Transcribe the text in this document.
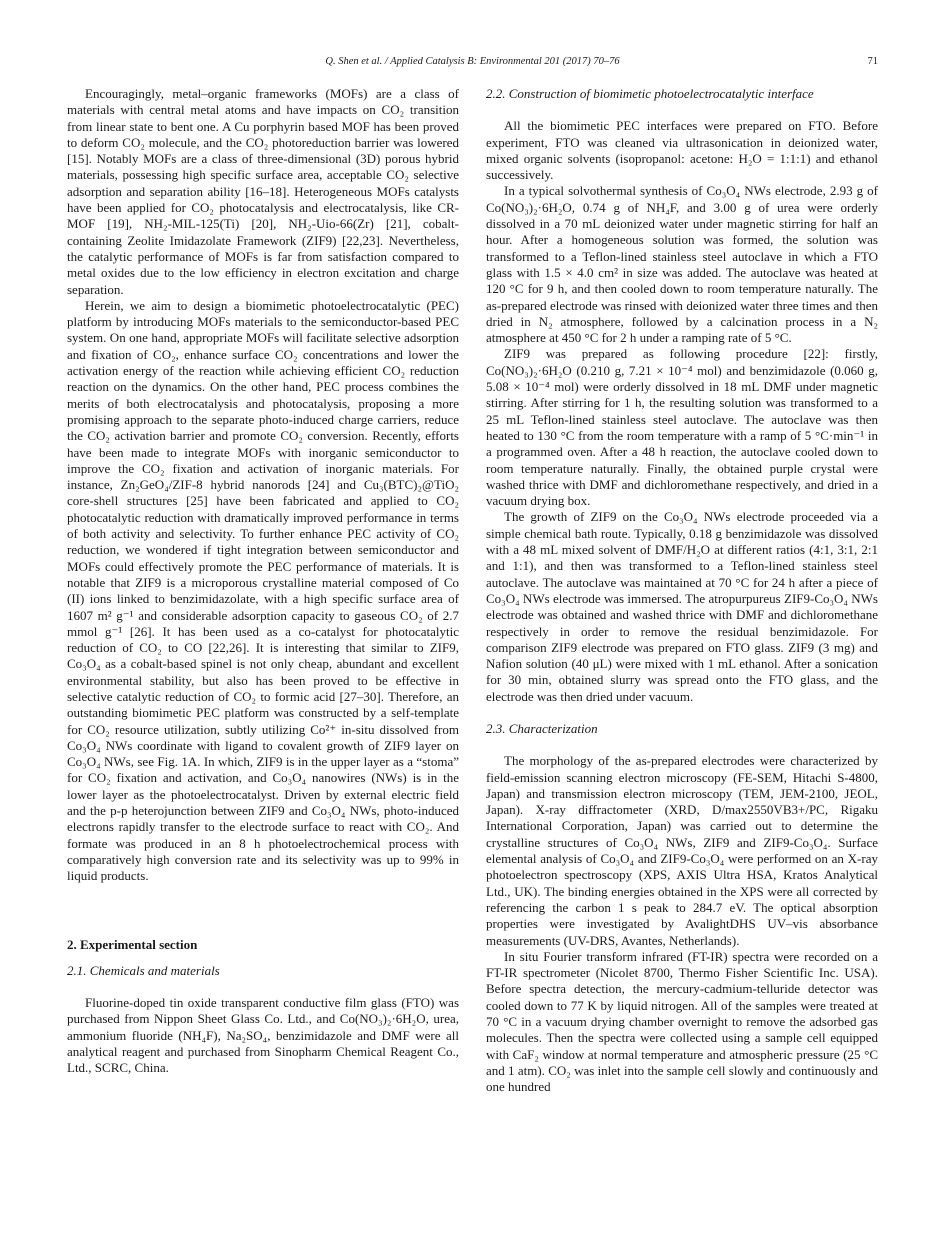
Q. Shen et al. / Applied Catalysis B: Environmental 201 (2017) 70–76	71

Encouragingly, metal–organic frameworks (MOFs) are a class of materials with central metal atoms and have impacts on CO₂ transition from linear state to bent one. A Cu porphyrin based MOF has been proved to deform CO₂ molecule, and the CO₂ photoreduction barrier was lowered [15]. Notably MOFs are a class of three-dimensional (3D) porous hybrid materials, possessing high specific surface area, acceptable CO₂ selective adsorption and separation ability [16–18]. Heterogeneous MOFs catalysts have been applied for CO₂ photocatalysis and electrocatalysis, like CR-MOF [19], NH₂-MIL-125(Ti) [20], NH₂-Uio-66(Zr) [21], cobalt-containing Zeolite Imidazolate Framework (ZIF9) [22,23]. Nevertheless, the catalytic performance of MOFs is far from satisfaction compared to metal oxides due to the low efficiency in electron excitation and charge separation.

Herein, we aim to design a biomimetic photoelectrocatalytic (PEC) platform by introducing MOFs materials to the semiconductor-based PEC system. On one hand, appropriate MOFs will facilitate selective adsorption and fixation of CO₂, enhance surface CO₂ concentrations and lower the activation energy of the reaction while achieving efficient CO₂ reduction reaction on the dynamics. On the other hand, PEC process combines the merits of both electrocatalysis and photocatalysis, proposing a more promising approach to the separate photo-induced charge carriers, reduce the CO₂ activation barrier and promote CO₂ conversion. Recently, efforts have been made to integrate MOFs with inorganic semiconductor to improve the CO₂ fixation and activation of inorganic materials. For instance, Zn₂GeO₄/ZIF-8 hybrid nanorods [24] and Cu₃(BTC)₂@TiO₂ core-shell structures [25] have been fabricated and applied to CO₂ photocatalytic reduction with dramatically improved performance in terms of both activity and selectivity. To further enhance PEC activity of CO₂ reduction, we wondered if tight integration between semiconductor and MOFs could effectively promote the PEC performance of materials. It is notable that ZIF9 is a microporous crystalline material composed of Co (II) ions linked to benzimidazolate, with a high specific surface area of 1607 m² g⁻¹ and considerable adsorption capacity to gaseous CO₂ of 2.7 mmol g⁻¹ [26]. It has been used as a co-catalyst for photocatalytic reduction of CO₂ to CO [22,26]. It is interesting that similar to ZIF9, Co₃O₄ as a cobalt-based spinel is not only cheap, abundant and excellent environmental stability, but also has been proved to be effective in selective catalytic reduction of CO₂ to formic acid [27–30]. Therefore, an outstanding biomimetic PEC platform was constructed by a self-template for CO₂ resource utilization, subtly utilizing Co²⁺ in-situ dissolved from Co₃O₄ NWs coordinate with ligand to covalent growth of ZIF9 layer on Co₃O₄ NWs, see Fig. 1A. In which, ZIF9 is in the upper layer as a “stoma” for CO₂ fixation and activation, and Co₃O₄ nanowires (NWs) is in the lower layer as the photoelectrocatalyst. Driven by external electric field and the p-p heterojunction between ZIF9 and Co₃O₄ NWs, photo-induced electrons rapidly transfer to the electrode surface to react with CO₂. And formate was produced in an 8 h photoelectrochemical process with comparatively high conversion rate and its selectivity was up to 99% in liquid products.

2. Experimental section
2.1. Chemicals and materials

Fluorine-doped tin oxide transparent conductive film glass (FTO) was purchased from Nippon Sheet Glass Co. Ltd., and Co(NO₃)₂·6H₂O, urea, ammonium fluoride (NH₄F), Na₂SO₄, benzimidazole and DMF were all analytical reagent and purchased from Sinopharm Chemical Reagent Co., Ltd., SCRC, China.

2.2. Construction of biomimetic photoelectrocatalytic interface

All the biomimetic PEC interfaces were prepared on FTO. Before experiment, FTO was cleaned via ultrasonication in deionized water, mixed organic solvents (isopropanol: acetone: H₂O = 1:1:1) and ethanol successively.

In a typical solvothermal synthesis of Co₃O₄ NWs electrode, 2.93 g of Co(NO₃)₂·6H₂O, 0.74 g of NH₄F, and 3.00 g of urea were orderly dissolved in a 70 mL deionized water under magnetic stirring for half an hour. After a homogeneous solution was formed, the solution was transformed to a Teflon-lined stainless steel autoclave in which a FTO glass with 1.5 × 4.0 cm² in size was added. The autoclave was heated at 120 °C for 9 h, and then cooled down to room temperature naturally. The as-prepared electrode was rinsed with deionized water three times and then dried in N₂ atmosphere, followed by a calcination process in a N₂ atmosphere at 450 °C for 2 h under a ramping rate of 5 °C.

ZIF9 was prepared as following procedure [22]: firstly, Co(NO₃)₂·6H₂O (0.210 g, 7.21 × 10⁻⁴ mol) and benzimidazole (0.060 g, 5.08 × 10⁻⁴ mol) were orderly dissolved in 18 mL DMF under magnetic stirring. After stirring for 1 h, the resulting solution was transformed to a 25 mL Teflon-lined stainless steel autoclave. The autoclave was then heated to 130 °C from the room temperature with a ramp of 5 °C·min⁻¹ in a programmed oven. After a 48 h reaction, the autoclave cooled down to room temperature naturally. Finally, the obtained purple crystal were washed thrice with DMF and dichloromethane respectively, and dried in a vacuum drying box.

The growth of ZIF9 on the Co₃O₄ NWs electrode proceeded via a simple chemical bath route. Typically, 0.18 g benzimidazole was dissolved with a 48 mL mixed solvent of DMF/H₂O at different ratios (4:1, 3:1, 2:1 and 1:1), and then was transformed to a Teflon-lined stainless steel autoclave. The autoclave was maintained at 70 °C for 24 h after a piece of Co₃O₄ NWs electrode was immersed. The atropurpureus ZIF9-Co₃O₄ NWs electrode was obtained and washed thrice with DMF and dichloromethane respectively in order to remove the residual benzimidazole. For comparison ZIF9 electrode was prepared on FTO glass. ZIF9 (3 mg) and Nafion solution (40 μL) were mixed with 1 mL ethanol. After a sonication for 30 min, obtained slurry was spread onto the FTO glass, and the electrode was then dried under vacuum.

2.3. Characterization

The morphology of the as-prepared electrodes were characterized by field-emission scanning electron microscopy (FE-SEM, Hitachi S-4800, Japan) and transmission electron microscopy (TEM, JEM-2100, JEOL, Japan). X-ray diffractometer (XRD, D/max2550VB3+/PC, Rigaku International Corporation, Japan) was carried out to determine the crystalline structures of Co₃O₄ NWs, ZIF9 and ZIF9-Co₃O₄. Surface elemental analysis of Co₃O₄ and ZIF9-Co₃O₄ were performed on an X-ray photoelectron spectroscopy (XPS, AXIS Ultra HSA, Kratos Analytical Ltd., UK). The binding energies obtained in the XPS were all corrected by referencing the carbon 1 s peak to 284.7 eV. The optical absorption properties were investigated by AvalightDHS UV–vis absorbance measurements (UV-DRS, Avantes, Netherlands).

In situ Fourier transform infrared (FT-IR) spectra were recorded on a FT-IR spectrometer (Nicolet 8700, Thermo Fisher Scientific Inc. USA). Before spectra detection, the mercury-cadmium-telluride detector was cooled down to 77 K by liquid nitrogen. All of the samples were treated at 70 °C in a vacuum drying chamber overnight to remove the adsorbed gas molecules. Then the spectra were collected using a sample cell equipped with CaF₂ window at normal temperature and atmospheric pressure (25 °C and 1 atm). CO₂ was inlet into the sample cell slowly and continuously and one hundred
